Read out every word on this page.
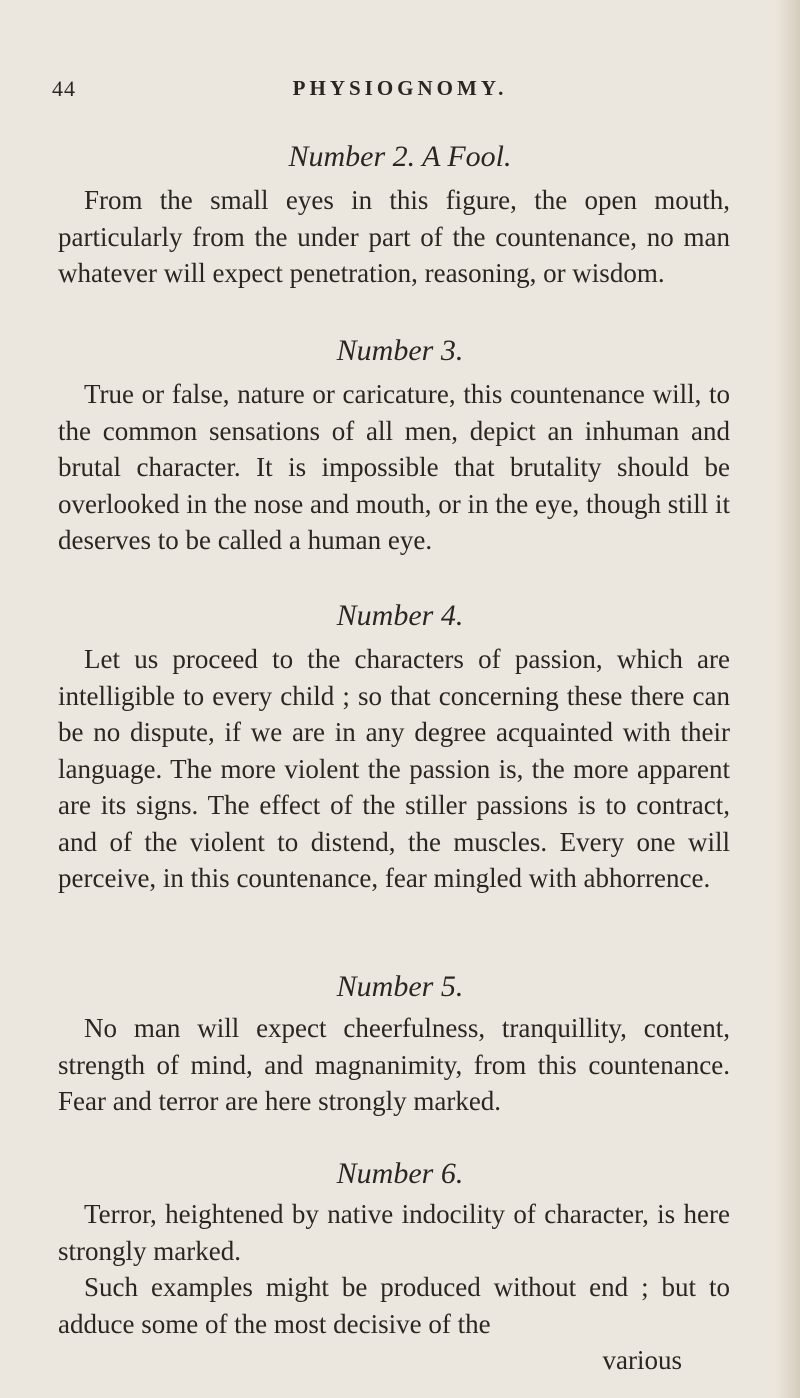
44	PHYSIOGNOMY.
Number 2. A Fool.

From the small eyes in this figure, the open mouth, particularly from the under part of the countenance, no man whatever will expect penetration, reasoning, or wisdom.

Number 3.

True or false, nature or caricature, this countenance will, to the common sensations of all men, depict an inhuman and brutal character. It is impossible that brutality should be overlooked in the nose and mouth, or in the eye, though still it deserves to be called a human eye.

Number 4.

Let us proceed to the characters of passion, which are intelligible to every child ; so that concerning these there can be no dispute, if we are in any degree acquainted with their language. The more violent the passion is, the more apparent are its signs. The effect of the stiller passions is to contract, and of the violent to distend, the muscles. Every one will perceive, in this countenance, fear mingled with abhorrence.

Number 5.

No man will expect cheerfulness, tranquillity, content, strength of mind, and magnanimity, from this countenance. Fear and terror are here strongly marked.

Number 6.

Terror, heightened by native indocility of character, is here strongly marked.

Such examples might be produced without end ; but to adduce some of the most decisive of the

various
